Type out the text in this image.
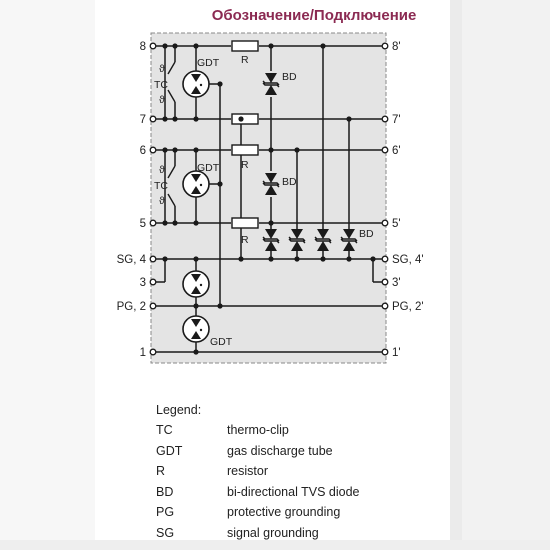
Обозначение/Подключение
8
7
6
5
SG, 4
3
PG, 2
1
8'
7'
6'
5'
SG, 4'
3'
PG, 2'
1'
GDT
GDT
GDT
TC
TC
ϑ
ϑ
ϑ
ϑ
R
R
R
BD
BD
BD
Legend:
TC	thermo-clip
GDT	gas discharge tube
R	resistor
BD	bi-directional TVS diode
PG	protective grounding
SG	signal grounding
